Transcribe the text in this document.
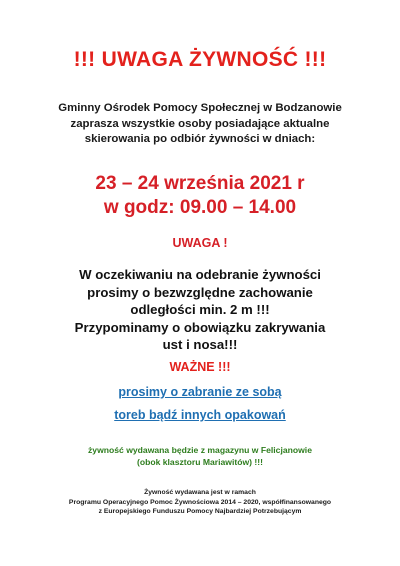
!!! UWAGA ŻYWNOŚĆ !!!
Gminny Ośrodek Pomocy Społecznej w Bodzanowie
zaprasza wszystkie osoby posiadające aktualne
skierowania po odbiór żywności w dniach:
23 – 24 września 2021 r
w godz: 09.00 – 14.00
UWAGA !
W oczekiwaniu na odebranie żywności
prosimy o bezwzględne zachowanie
odległości min. 2 m !!!
Przypominamy o obowiązku zakrywania
ust i nosa!!!
WAŻNE !!!
prosimy o zabranie ze sobą
toreb bądź innych opakowań
żywność wydawana będzie z magazynu w Felicjanowie
(obok klasztoru Mariawitów) !!!
Żywność wydawana jest w ramach
Programu Operacyjnego Pomoc Żywnościowa 2014 – 2020, współfinansowanego
z Europejskiego Funduszu Pomocy Najbardziej Potrzebującym
